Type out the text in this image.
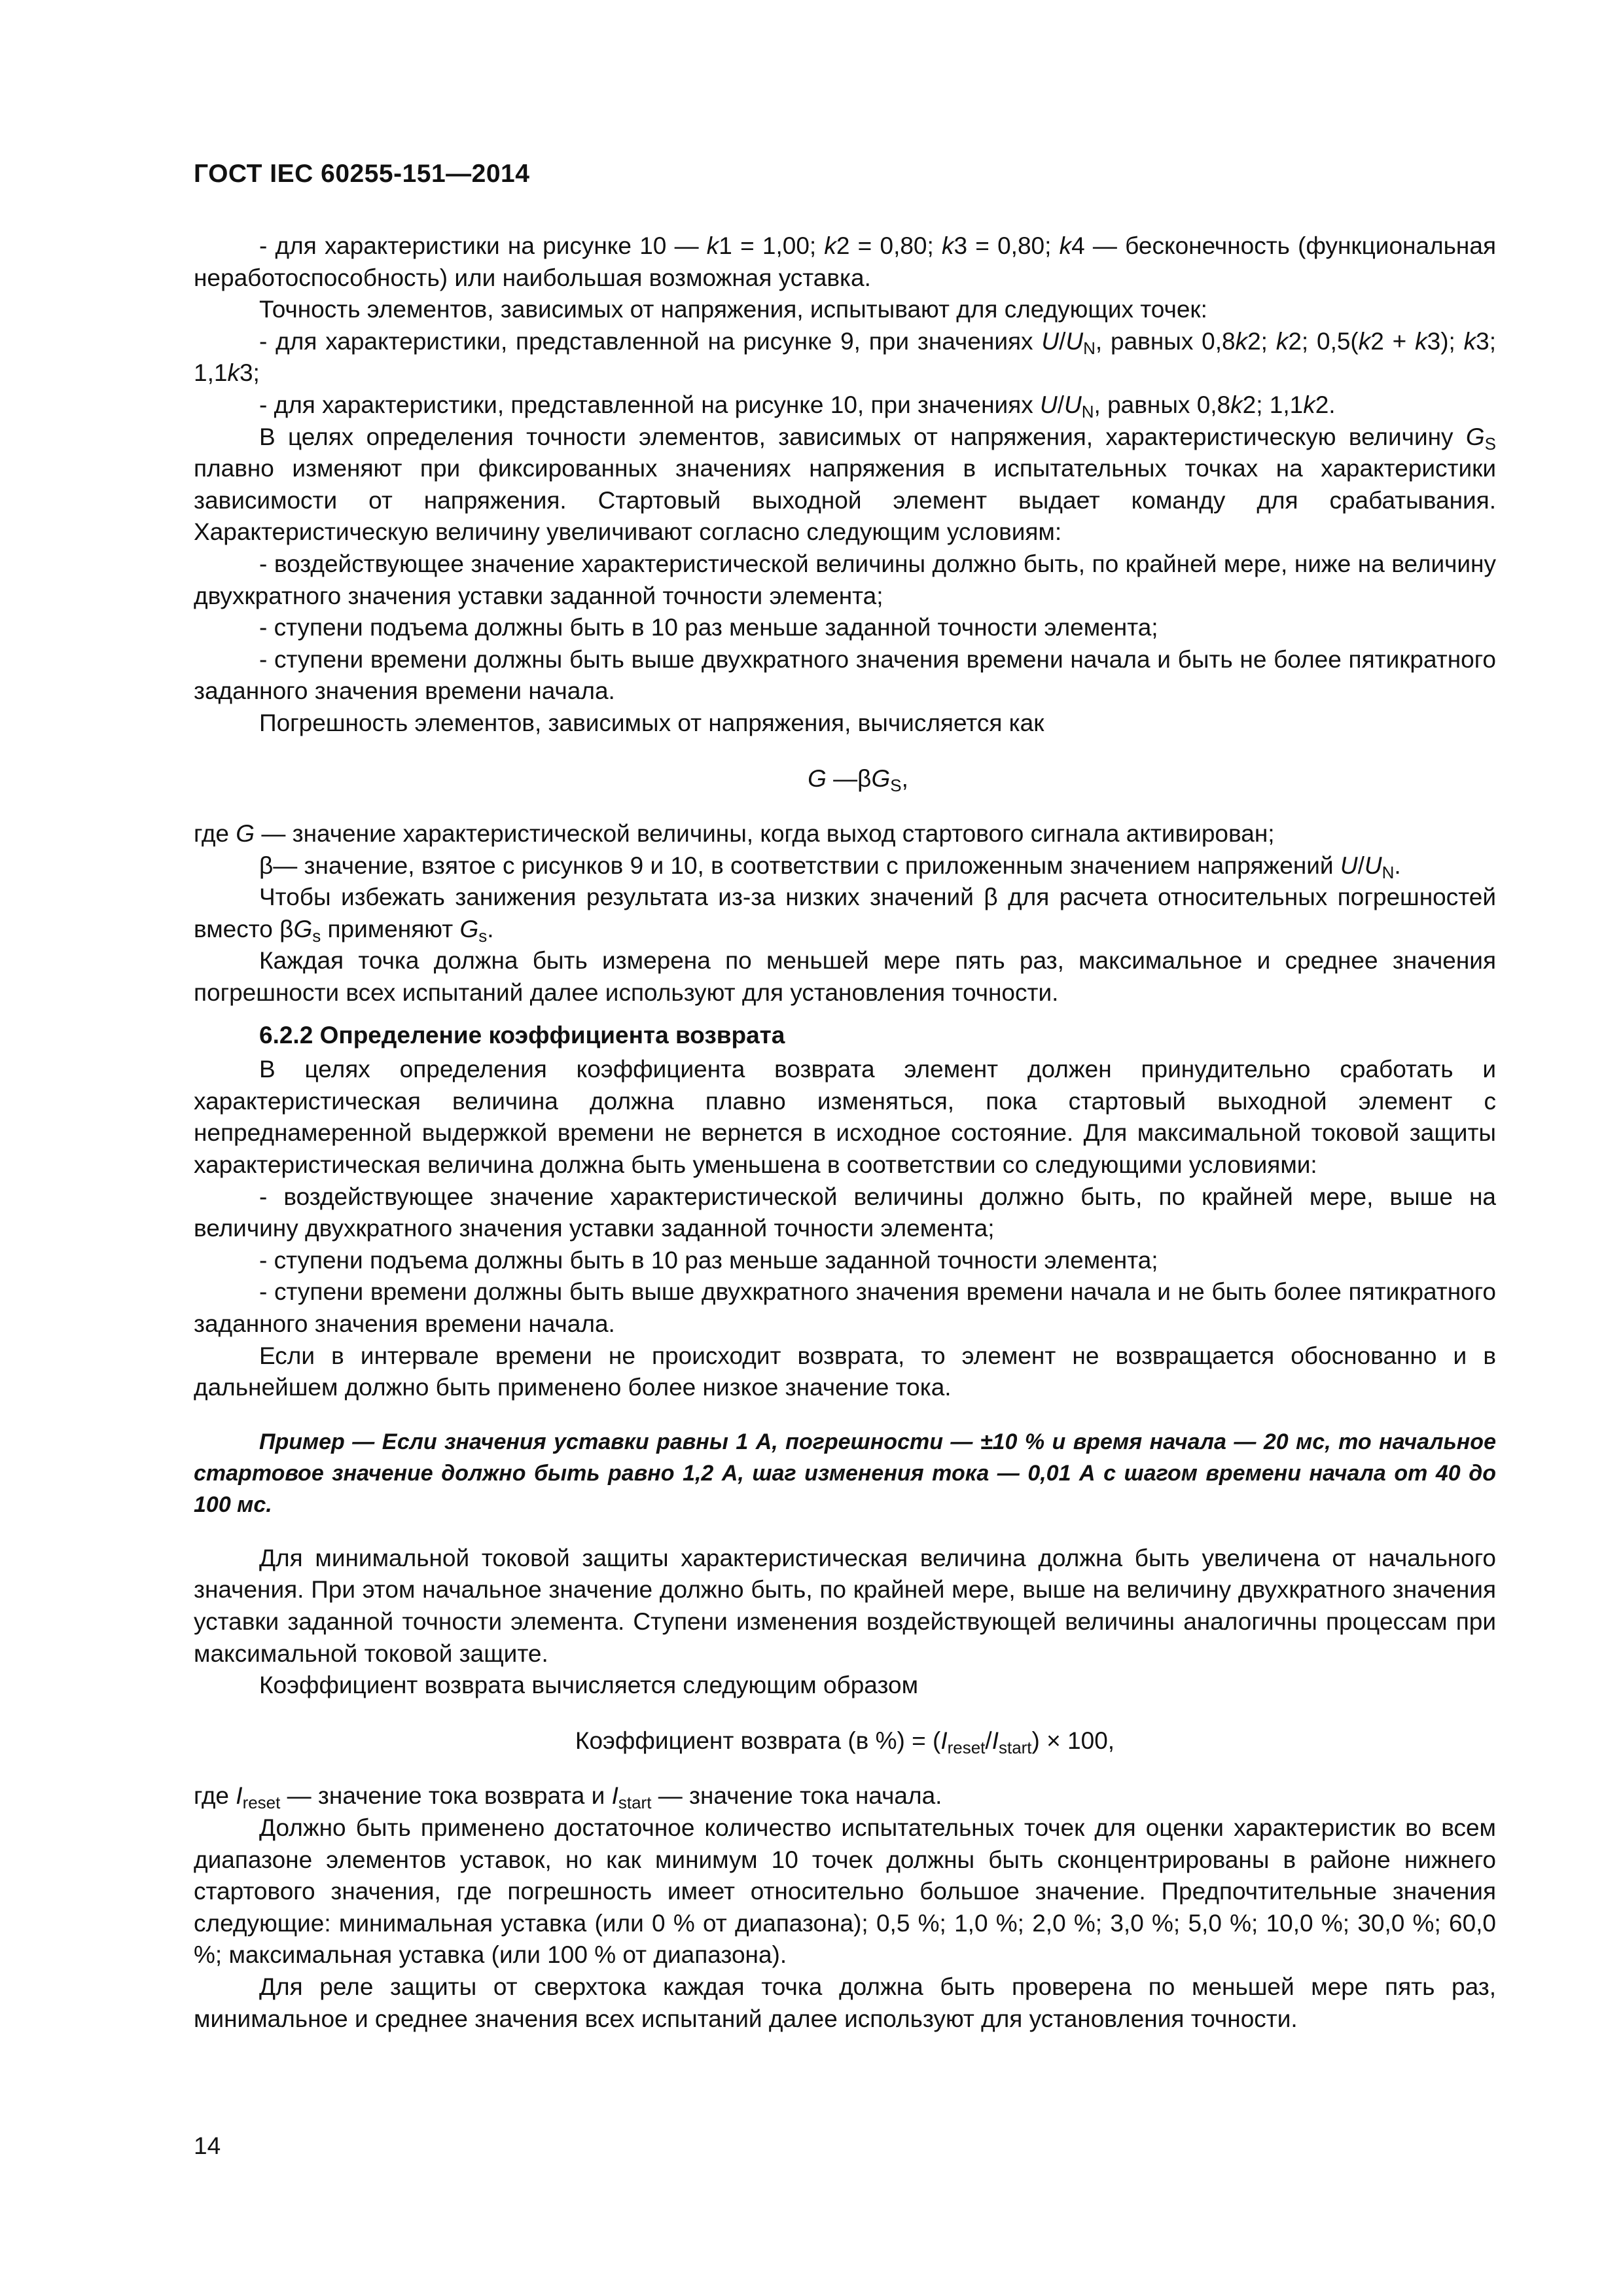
ГОСТ IEC 60255-151—2014

- для характеристики на рисунке 10 — k1 = 1,00; k2 = 0,80; k3 = 0,80; k4 — бесконечность (функциональная неработоспособность) или наибольшая возможная уставка.

Точность элементов, зависимых от напряжения, испытывают для следующих точек:

- для характеристики, представленной на рисунке 9, при значениях $U/U_N$, равных 0,8k2; k2; 0,5(k2 + k3); k3; 1,1k3;

- для характеристики, представленной на рисунке 10, при значениях $U/U_N$, равных 0,8k2; 1,1k2.

В целях определения точности элементов, зависимых от напряжения, характеристическую величину $G_S$ плавно изменяют при фиксированных значениях напряжения в испытательных точках на характеристики зависимости от напряжения. Стартовый выходной элемент выдает команду для срабатывания. Характеристическую величину увеличивают согласно следующим условиям:

- воздействующее значение характеристической величины должно быть, по крайней мере, ниже на величину двухкратного значения уставки заданной точности элемента;

- ступени подъема должны быть в 10 раз меньше заданной точности элемента;

- ступени времени должны быть выше двухкратного значения времени начала и быть не более пятикратного заданного значения времени начала.

Погрешность элементов, зависимых от напряжения, вычисляется как

G $—\beta G_S$,

где G — значение характеристической величины, когда выход стартового сигнала активирован;

β— значение, взятое с рисунков 9 и 10, в соответствии с приложенным значением напряжений $U/U_N$.

Чтобы избежать занижения результата из-за низких значений β для расчета относительных погрешностей вместо $\beta G_s$ применяют $G_s$.

Каждая точка должна быть измерена по меньшей мере пять раз, максимальное и среднее значения погрешности всех испытаний далее используют для установления точности.

6.2.2 Определение коэффициента возврата

В целях определения коэффициента возврата элемент должен принудительно сработать и характеристическая величина должна плавно изменяться, пока стартовый выходной элемент с непреднамеренной выдержкой времени не вернется в исходное состояние. Для максимальной токовой защиты характеристическая величина должна быть уменьшена в соответствии со следующими условиями:

- воздействующее значение характеристической величины должно быть, по крайней мере, выше на величину двухкратного значения уставки заданной точности элемента;

- ступени подъема должны быть в 10 раз меньше заданной точности элемента;

- ступени времени должны быть выше двухкратного значения времени начала и не быть более пятикратного заданного значения времени начала.

Если в интервале времени не происходит возврата, то элемент не возвращается обоснованно и в дальнейшем должно быть применено более низкое значение тока.

Пример — Если значения уставки равны 1 А, погрешности — ±10 % и время начала — 20 мс, то начальное стартовое значение должно быть равно 1,2 А, шаг изменения тока — 0,01 А с шагом времени начала от 40 до 100 мс.

Для минимальной токовой защиты характеристическая величина должна быть увеличена от начального значения. При этом начальное значение должно быть, по крайней мере, выше на величину двухкратного значения уставки заданной точности элемента. Ступени изменения воздействующей величины аналогичны процессам при максимальной токовой защите.

Коэффициент возврата вычисляется следующим образом

Коэффициент возврата (в %) = $(I_{reset}/I_{start}) \times 100$,

где $I_{reset}$ — значение тока возврата и $I_{start}$ — значение тока начала.

Должно быть применено достаточное количество испытательных точек для оценки характеристик во всем диапазоне элементов уставок, но как минимум 10 точек должны быть сконцентрированы в районе нижнего стартового значения, где погрешность имеет относительно большое значение. Предпочтительные значения следующие: минимальная уставка (или 0 % от диапазона); 0,5 %; 1,0 %; 2,0 %; 3,0 %; 5,0 %; 10,0 %; 30,0 %; 60,0 %; максимальная уставка (или 100 % от диапазона).

Для реле защиты от сверхтока каждая точка должна быть проверена по меньшей мере пять раз, минимальное и среднее значения всех испытаний далее используют для установления точности.

14
